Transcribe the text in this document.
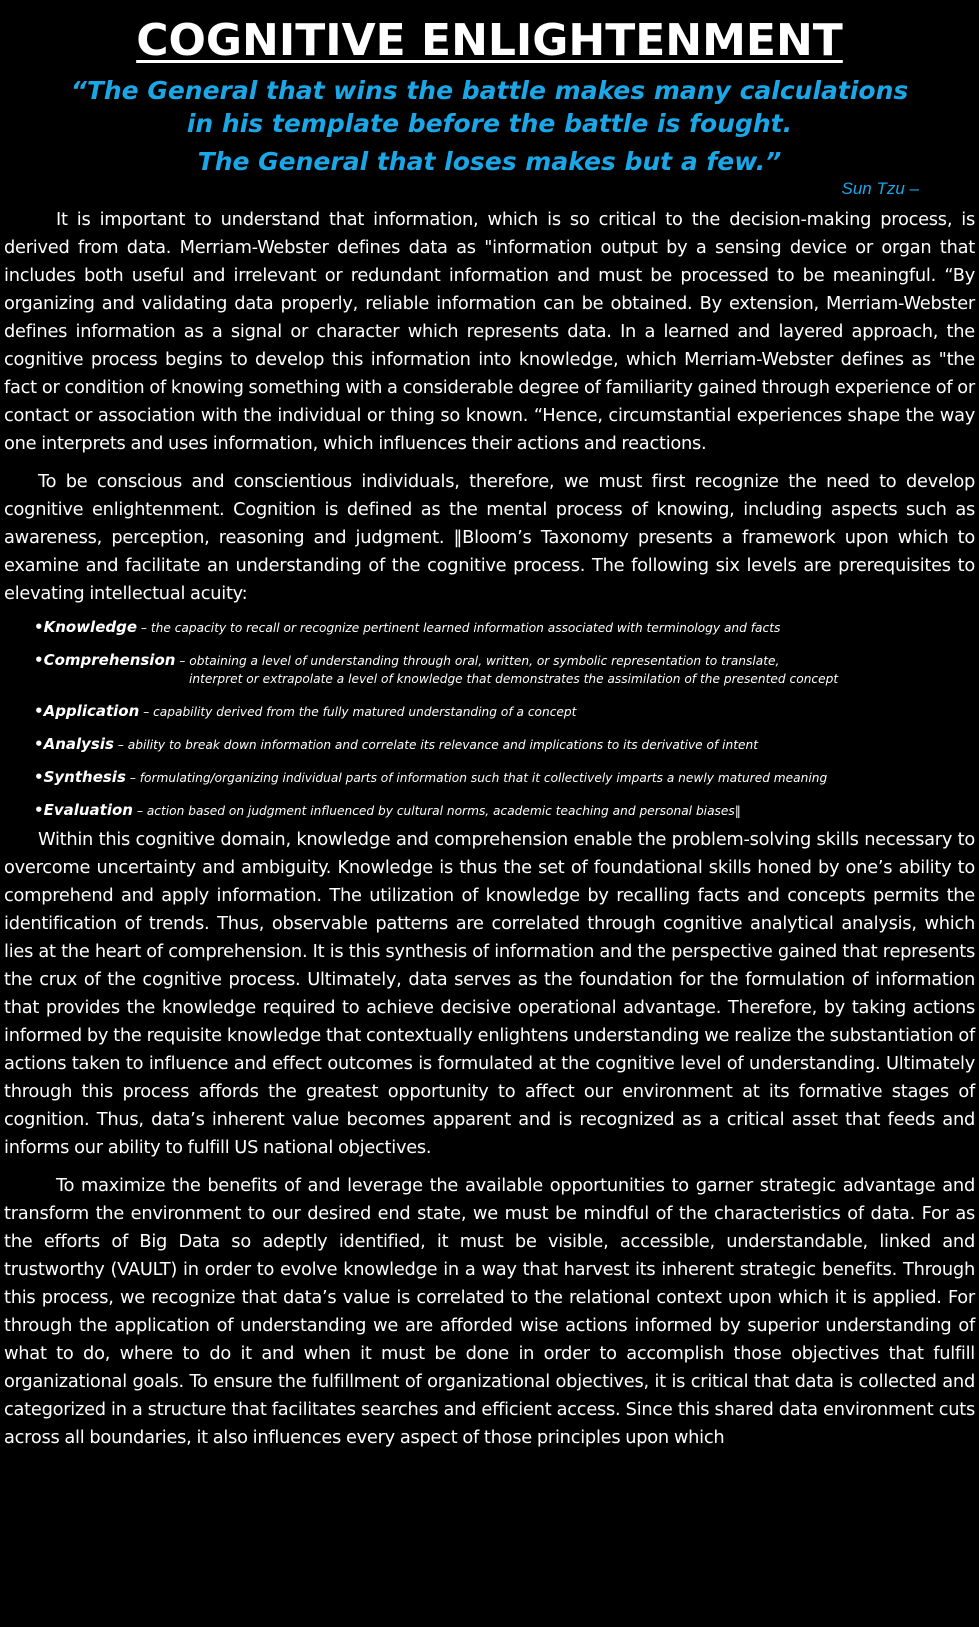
COGNITIVE ENLIGHTENMENT
“The General that wins the battle makes many calculations
in his template before the battle is fought.
The General that loses makes but a few.”

Sun Tzu –

It is important to understand that information, which is so critical to the decision-making process, is derived from data. Merriam-Webster defines data as "information output by a sensing device or organ that includes both useful and irrelevant or redundant information and must be processed to be meaningful. “By organizing and validating data properly, reliable information can be obtained. By extension, Merriam-Webster defines information as a signal or character which represents data. In a learned and layered approach, the cognitive process begins to develop this information into knowledge, which Merriam-Webster defines as "the fact or condition of knowing something with a considerable degree of familiarity gained through experience of or contact or association with the individual or thing so known. “Hence, circumstantial experiences shape the way one interprets and uses information, which influences their actions and reactions.

To be conscious and conscientious individuals, therefore, we must first recognize the need to develop cognitive enlightenment. Cognition is defined as the mental process of knowing, including aspects such as awareness, perception, reasoning and judgment. ‖Bloom’s Taxonomy presents a framework upon which to examine and facilitate an understanding of the cognitive process. The following six levels are prerequisites to elevating intellectual acuity:

•Knowledge – the capacity to recall or recognize pertinent learned information associated with terminology and facts
•Comprehension – obtaining a level of understanding through oral, written, or symbolic representation to translate,
interpret or extrapolate a level of knowledge that demonstrates the assimilation of the presented concept
•Application – capability derived from the fully matured understanding of a concept
•Analysis – ability to break down information and correlate its relevance and implications to its derivative of intent
•Synthesis – formulating/organizing individual parts of information such that it collectively imparts a newly matured meaning
•Evaluation – action based on judgment influenced by cultural norms, academic teaching and personal biases‖

Within this cognitive domain, knowledge and comprehension enable the problem-solving skills necessary to overcome uncertainty and ambiguity. Knowledge is thus the set of foundational skills honed by one’s ability to comprehend and apply information. The utilization of knowledge by recalling facts and concepts permits the identification of trends. Thus, observable patterns are correlated through cognitive analytical analysis, which lies at the heart of comprehension. It is this synthesis of information and the perspective gained that represents the crux of the cognitive process. Ultimately, data serves as the foundation for the formulation of information that provides the knowledge required to achieve decisive operational advantage. Therefore, by taking actions informed by the requisite knowledge that contextually enlightens understanding we realize the substantiation of actions taken to influence and effect outcomes is formulated at the cognitive level of understanding. Ultimately through this process affords the greatest opportunity to affect our environment at its formative stages of cognition. Thus, data’s inherent value becomes apparent and is recognized as a critical asset that feeds and informs our ability to fulfill US national objectives.

To maximize the benefits of and leverage the available opportunities to garner strategic advantage and transform the environment to our desired end state, we must be mindful of the characteristics of data. For as the efforts of Big Data so adeptly identified, it must be visible, accessible, understandable, linked and trustworthy (VAULT) in order to evolve knowledge in a way that harvest its inherent strategic benefits. Through this process, we recognize that data’s value is correlated to the relational context upon which it is applied. For through the application of understanding we are afforded wise actions informed by superior understanding of what to do, where to do it and when it must be done in order to accomplish those objectives that fulfill organizational goals. To ensure the fulfillment of organizational objectives, it is critical that data is collected and categorized in a structure that facilitates searches and efficient access. Since this shared data environment cuts across all boundaries, it also influences every aspect of those principles upon which
